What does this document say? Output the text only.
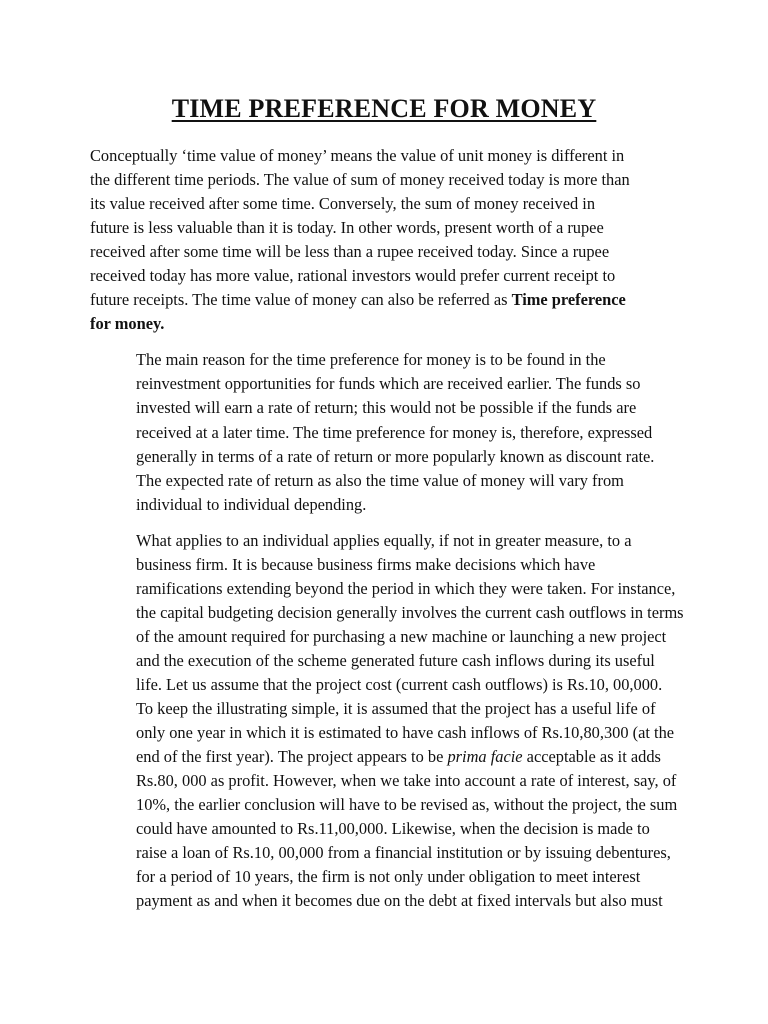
TIME PREFERENCE FOR MONEY

Conceptually ‘time value of money’ means the value of unit money is different in
the different time periods. The value of sum of money received today is more than
its value received after some time. Conversely, the sum of money received in
future is less valuable than it is today. In other words, present worth of a rupee
received after some time will be less than a rupee received today. Since a rupee
received today has more value, rational investors would prefer current receipt to
future receipts. The time value of money can also be referred as Time preference
for money.

The main reason for the time preference for money is to be found in the
reinvestment opportunities for funds which are received earlier. The funds so
invested will earn a rate of return; this would not be possible if the funds are
received at a later time. The time preference for money is, therefore, expressed
generally in terms of a rate of return or more popularly known as discount rate.
The expected rate of return as also the time value of money will vary from
individual to individual depending.

What applies to an individual applies equally, if not in greater measure, to a
business firm. It is because business firms make decisions which have
ramifications extending beyond the period in which they were taken. For instance,
the capital budgeting decision generally involves the current cash outflows in terms
of the amount required for purchasing a new machine or launching a new project
and the execution of the scheme generated future cash inflows during its useful
life. Let us assume that the project cost (current cash outflows) is Rs.10, 00,000.
To keep the illustrating simple, it is assumed that the project has a useful life of
only one year in which it is estimated to have cash inflows of Rs.10,80,300 (at the
end of the first year). The project appears to be prima facie acceptable as it adds
Rs.80, 000 as profit. However, when we take into account a rate of interest, say, of
10%, the earlier conclusion will have to be revised as, without the project, the sum
could have amounted to Rs.11,00,000. Likewise, when the decision is made to
raise a loan of Rs.10, 00,000 from a financial institution or by issuing debentures,
for a period of 10 years, the firm is not only under obligation to meet interest
payment as and when it becomes due on the debt at fixed intervals but also must
